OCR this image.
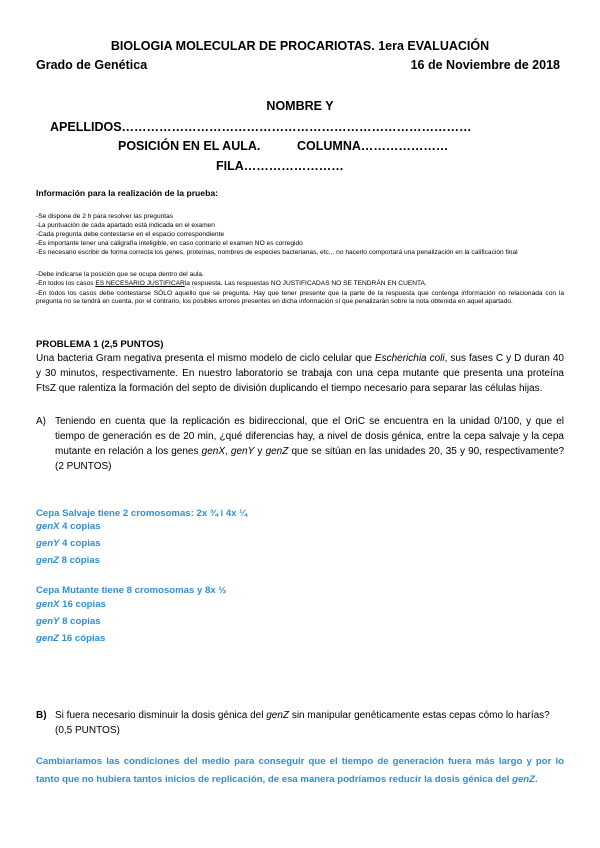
BIOLOGIA MOLECULAR DE PROCARIOTAS. 1era EVALUACIÓN
Grado de Genética	16 de Noviembre de 2018
NOMBRE Y
APELLIDOS…………………………………………………………………………
POSICIÓN EN EL AULA.	COLUMNA…………………
FILA……………………
Información para la realización de la prueba:
-Se dispone de 2 h para resolver las preguntas
-La puntuación de cada apartado está indicada en el examen
-Cada pregunta debe contestarse en el espacio correspondiente
-Es importante tener una caligrafía inteligible, en caso contrario el examen NO es corregido
-Es necesario escribir de forma correcta los genes, proteínas, nombres de especies bacterianas, etc... no hacerlo comportará una penalización en la calificación final
-Debe indicarse la posición que se ocupa dentro del aula.
-En todos los casos ES NECESARIO JUSTIFICARla respuesta. Las respuestas NO JUSTIFICADAS NO SE TENDRÁN EN CUENTA.
-En todos los casos debe contestarse SÓLO aquello que se pregunta. Hay que tener presente que la parte de la respuesta que contenga información no relacionada con la pregunta no se tendrá en cuenta, por el contrario, los posibles errores presentes en dicha información sí que penalizarán sobre la nota obtenida en aquel apartado.
PROBLEMA 1 (2,5 PUNTOS)
Una bacteria Gram negativa presenta el mismo modelo de ciclo celular que Escherichia coli, sus fases C y D duran 40 y 30 minutos, respectivamente. En nuestro laboratorio se trabaja con una cepa mutante que presenta una proteína FtsZ que ralentiza la formación del septo de división duplicando el tiempo necesario para separar las células hijas.
A) Teniendo en cuenta que la replicación es bidireccional, que el OriC se encuentra en la unidad 0/100, y que el tiempo de generación es de 20 min, ¿qué diferencias hay, a nivel de dosis génica, entre la cepa salvaje y la cepa mutante en relación a los genes genX, genY y genZ que se sitúan en las unidades 20, 35 y 90, respectivamente? (2 PUNTOS)
Cepa Salvaje tiene 2 cromosomas: 2x ¾ i 4x ¼
genX 4 copias
genY 4 copias
genZ 8 cópias
Cepa Mutante tiene 8 cromosomas y 8x ½
genX 16 copias
genY 8 copias
genZ 16 cópias
B) Si fuera necesario disminuir la dosis génica del genZ sin manipular genéticamente estas cepas cómo lo harías? (0,5 PUNTOS)
Cambiaríamos las condiciones del medio para conseguir que el tiempo de generación fuera más largo y por lo tanto que no hubiera tantos inicios de replicación, de esa manera podríamos reducir la dosis génica del genZ.
